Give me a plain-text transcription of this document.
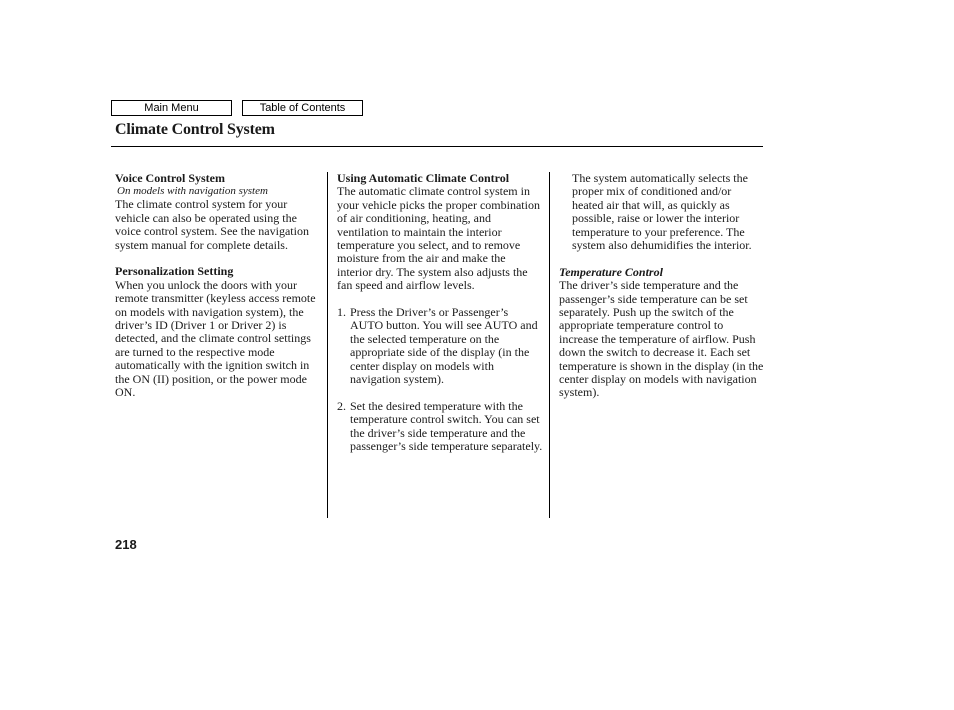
Main Menu	Table of Contents
Climate Control System
Voice Control System
On models with navigation system

The climate control system for your vehicle can also be operated using the voice control system. See the navigation system manual for complete details.

Personalization Setting

When you unlock the doors with your remote transmitter (keyless access remote on models with navigation system), the driver’s ID (Driver 1 or Driver 2) is detected, and the climate control settings are turned to the respective mode automatically with the ignition switch in the ON (II) position, or the power mode ON.

Using Automatic Climate Control

The automatic climate control system in your vehicle picks the proper combination of air conditioning, heating, and ventilation to maintain the interior temperature you select, and to remove moisture from the air and make the interior dry. The system also adjusts the fan speed and airflow levels.

1. Press the Driver’s or Passenger’s AUTO button. You will see AUTO and the selected temperature on the appropriate side of the display (in the center display on models with navigation system).
2. Set the desired temperature with the temperature control switch. You can set the driver’s side temperature and the passenger’s side temperature separately.

The system automatically selects the proper mix of conditioned and/or heated air that will, as quickly as possible, raise or lower the interior temperature to your preference. The system also dehumidifies the interior.

Temperature Control

The driver’s side temperature and the passenger’s side temperature can be set separately. Push up the switch of the appropriate temperature control to increase the temperature of airflow. Push down the switch to decrease it. Each set temperature is shown in the display (in the center display on models with navigation system).

218
